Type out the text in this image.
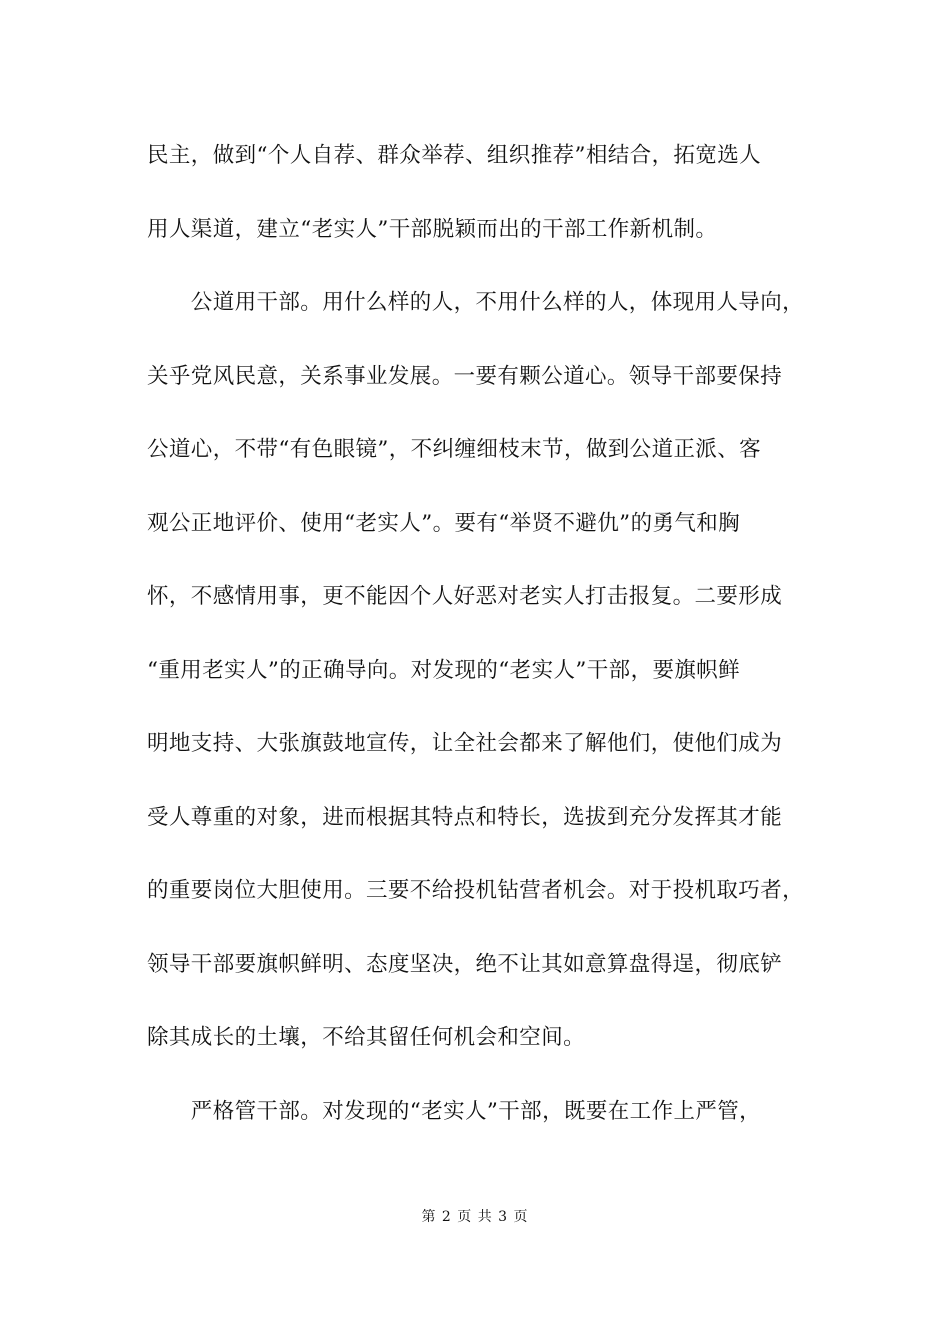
民主，做到“个人自荐、群众举荐、组织推荐”相结合，拓宽选人
用人渠道，建立“老实人”干部脱颖而出的干部工作新机制。
　　公道用干部。用什么样的人，不用什么样的人，体现用人导向，
关乎党风民意，关系事业发展。一要有颗公道心。领导干部要保持
公道心，不带“有色眼镜”，不纠缠细枝末节，做到公道正派、客
观公正地评价、使用“老实人”。要有“举贤不避仇”的勇气和胸
怀，不感情用事，更不能因个人好恶对老实人打击报复。二要形成
“重用老实人”的正确导向。对发现的“老实人”干部，要旗帜鲜
明地支持、大张旗鼓地宣传，让全社会都来了解他们，使他们成为
受人尊重的对象，进而根据其特点和特长，选拔到充分发挥其才能
的重要岗位大胆使用。三要不给投机钻营者机会。对于投机取巧者，
领导干部要旗帜鲜明、态度坚决，绝不让其如意算盘得逞，彻底铲
除其成长的土壤，不给其留任何机会和空间。
　　严格管干部。对发现的“老实人”干部，既要在工作上严管，
第 2 页 共 3 页
